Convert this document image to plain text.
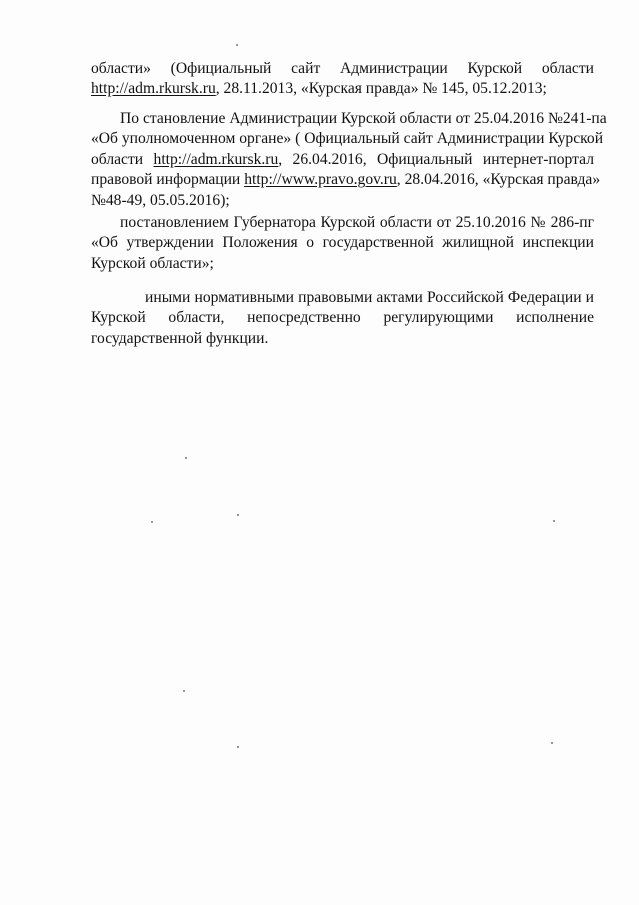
области» (Официальный сайт Администрации Курской области
http://adm.rkursk.ru, 28.11.2013, «Курская правда» № 145, 05.12.2013;
По становление Администрации Курской области от 25.04.2016 №241-па
«Об уполномоченном органе» ( Официальный сайт Администрации Курской
области http://adm.rkursk.ru, 26.04.2016, Официальный интернет-портал
правовой информации http://www.pravo.gov.ru, 28.04.2016, «Курская правда»
№48-49, 05.05.2016);
постановлением Губернатора Курской области от 25.10.2016 № 286-пг
«Об утверждении Положения о государственной жилищной инспекции
Курской области»;
иными нормативными правовыми актами Российской Федерации и
Курской области, непосредственно регулирующими исполнение
государственной функции.
